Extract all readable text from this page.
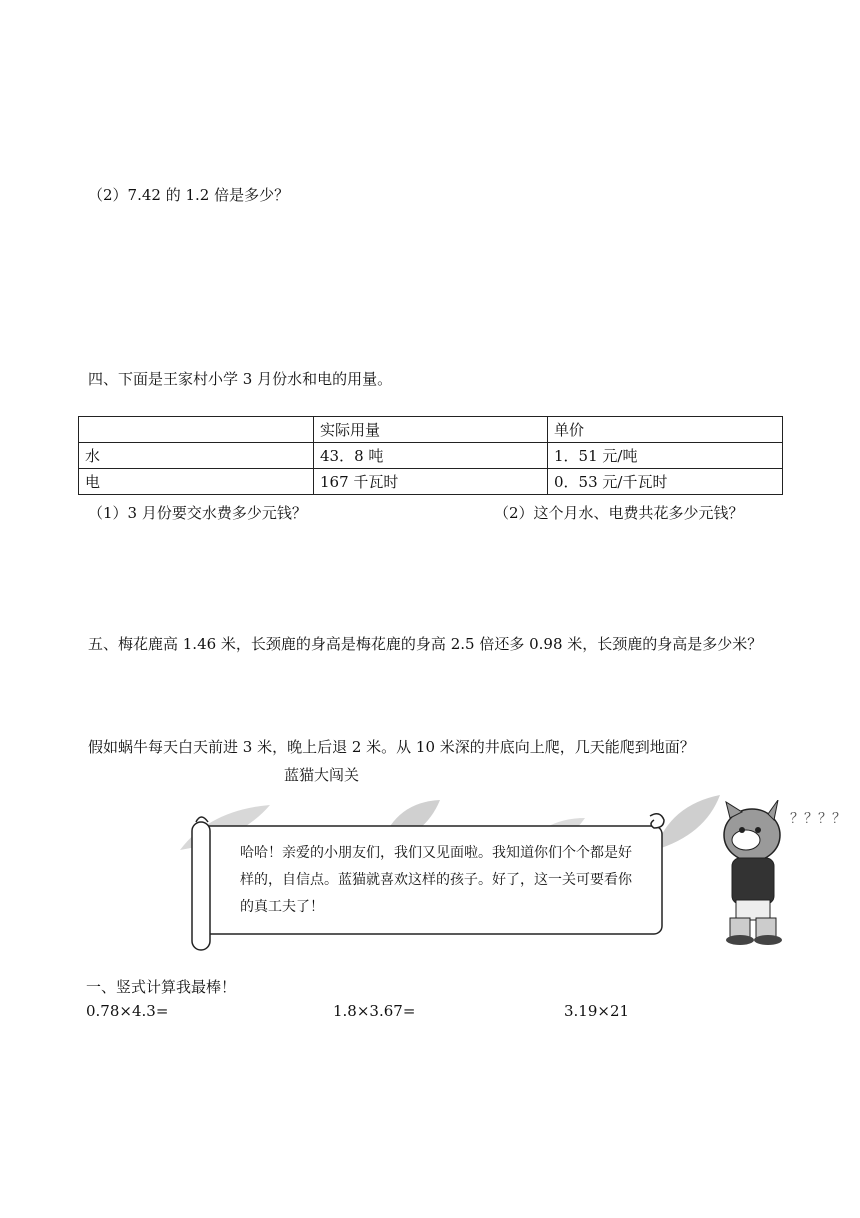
（2）7.42 的 1.2 倍是多少？
四、下面是王家村小学 3 月份水和电的用量。
	实际用量	单价
水	43．8 吨	1．51 元/吨
电	167 千瓦时	0．53 元/千瓦时
（1）3 月份要交水费多少元钱？	（2）这个月水、电费共花多少元钱？
五、梅花鹿高 1.46 米，长颈鹿的身高是梅花鹿的身高 2.5 倍还多 0.98 米，长颈鹿的身高是多少米？
假如蜗牛每天白天前进 3 米，晚上后退 2 米。从 10 米深的井底向上爬，几天能爬到地面？
蓝猫大闯关
哈哈！亲爱的小朋友们，我们又见面啦。我知道你们个个都是好样的，自信点。蓝猫就喜欢这样的孩子。好了，这一关可要看你的真工夫了！
？？？？
一、竖式计算我最棒！
0.78×4.3=	1.8×3.67=	3.19×21
